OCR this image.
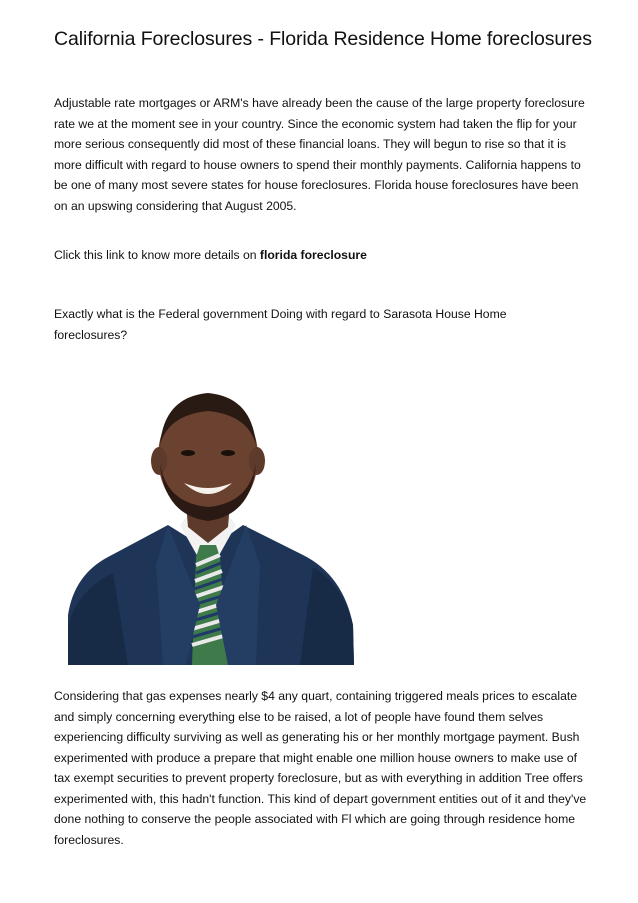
California Foreclosures - Florida Residence Home foreclosures

Adjustable rate mortgages or ARM's have already been the cause of the large property foreclosure rate we at the moment see in your country. Since the economic system had taken the flip for your more serious consequently did most of these financial loans. They will begun to rise so that it is more difficult with regard to house owners to spend their monthly payments. California happens to be one of many most severe states for house foreclosures. Florida house foreclosures have been on an upswing considering that August 2005.

Click this link to know more details on florida foreclosure

Exactly what is the Federal government Doing with regard to Sarasota House Home foreclosures?

Considering that gas expenses nearly $4 any quart, containing triggered meals prices to escalate and simply concerning everything else to be raised, a lot of people have found them selves experiencing difficulty surviving as well as generating his or her monthly mortgage payment. Bush experimented with produce a prepare that might enable one million house owners to make use of tax exempt securities to prevent property foreclosure, but as with everything in addition Tree offers experimented with, this hadn't function. This kind of depart government entities out of it and they've done nothing to conserve the people associated with Fl which are going through residence home foreclosures.
